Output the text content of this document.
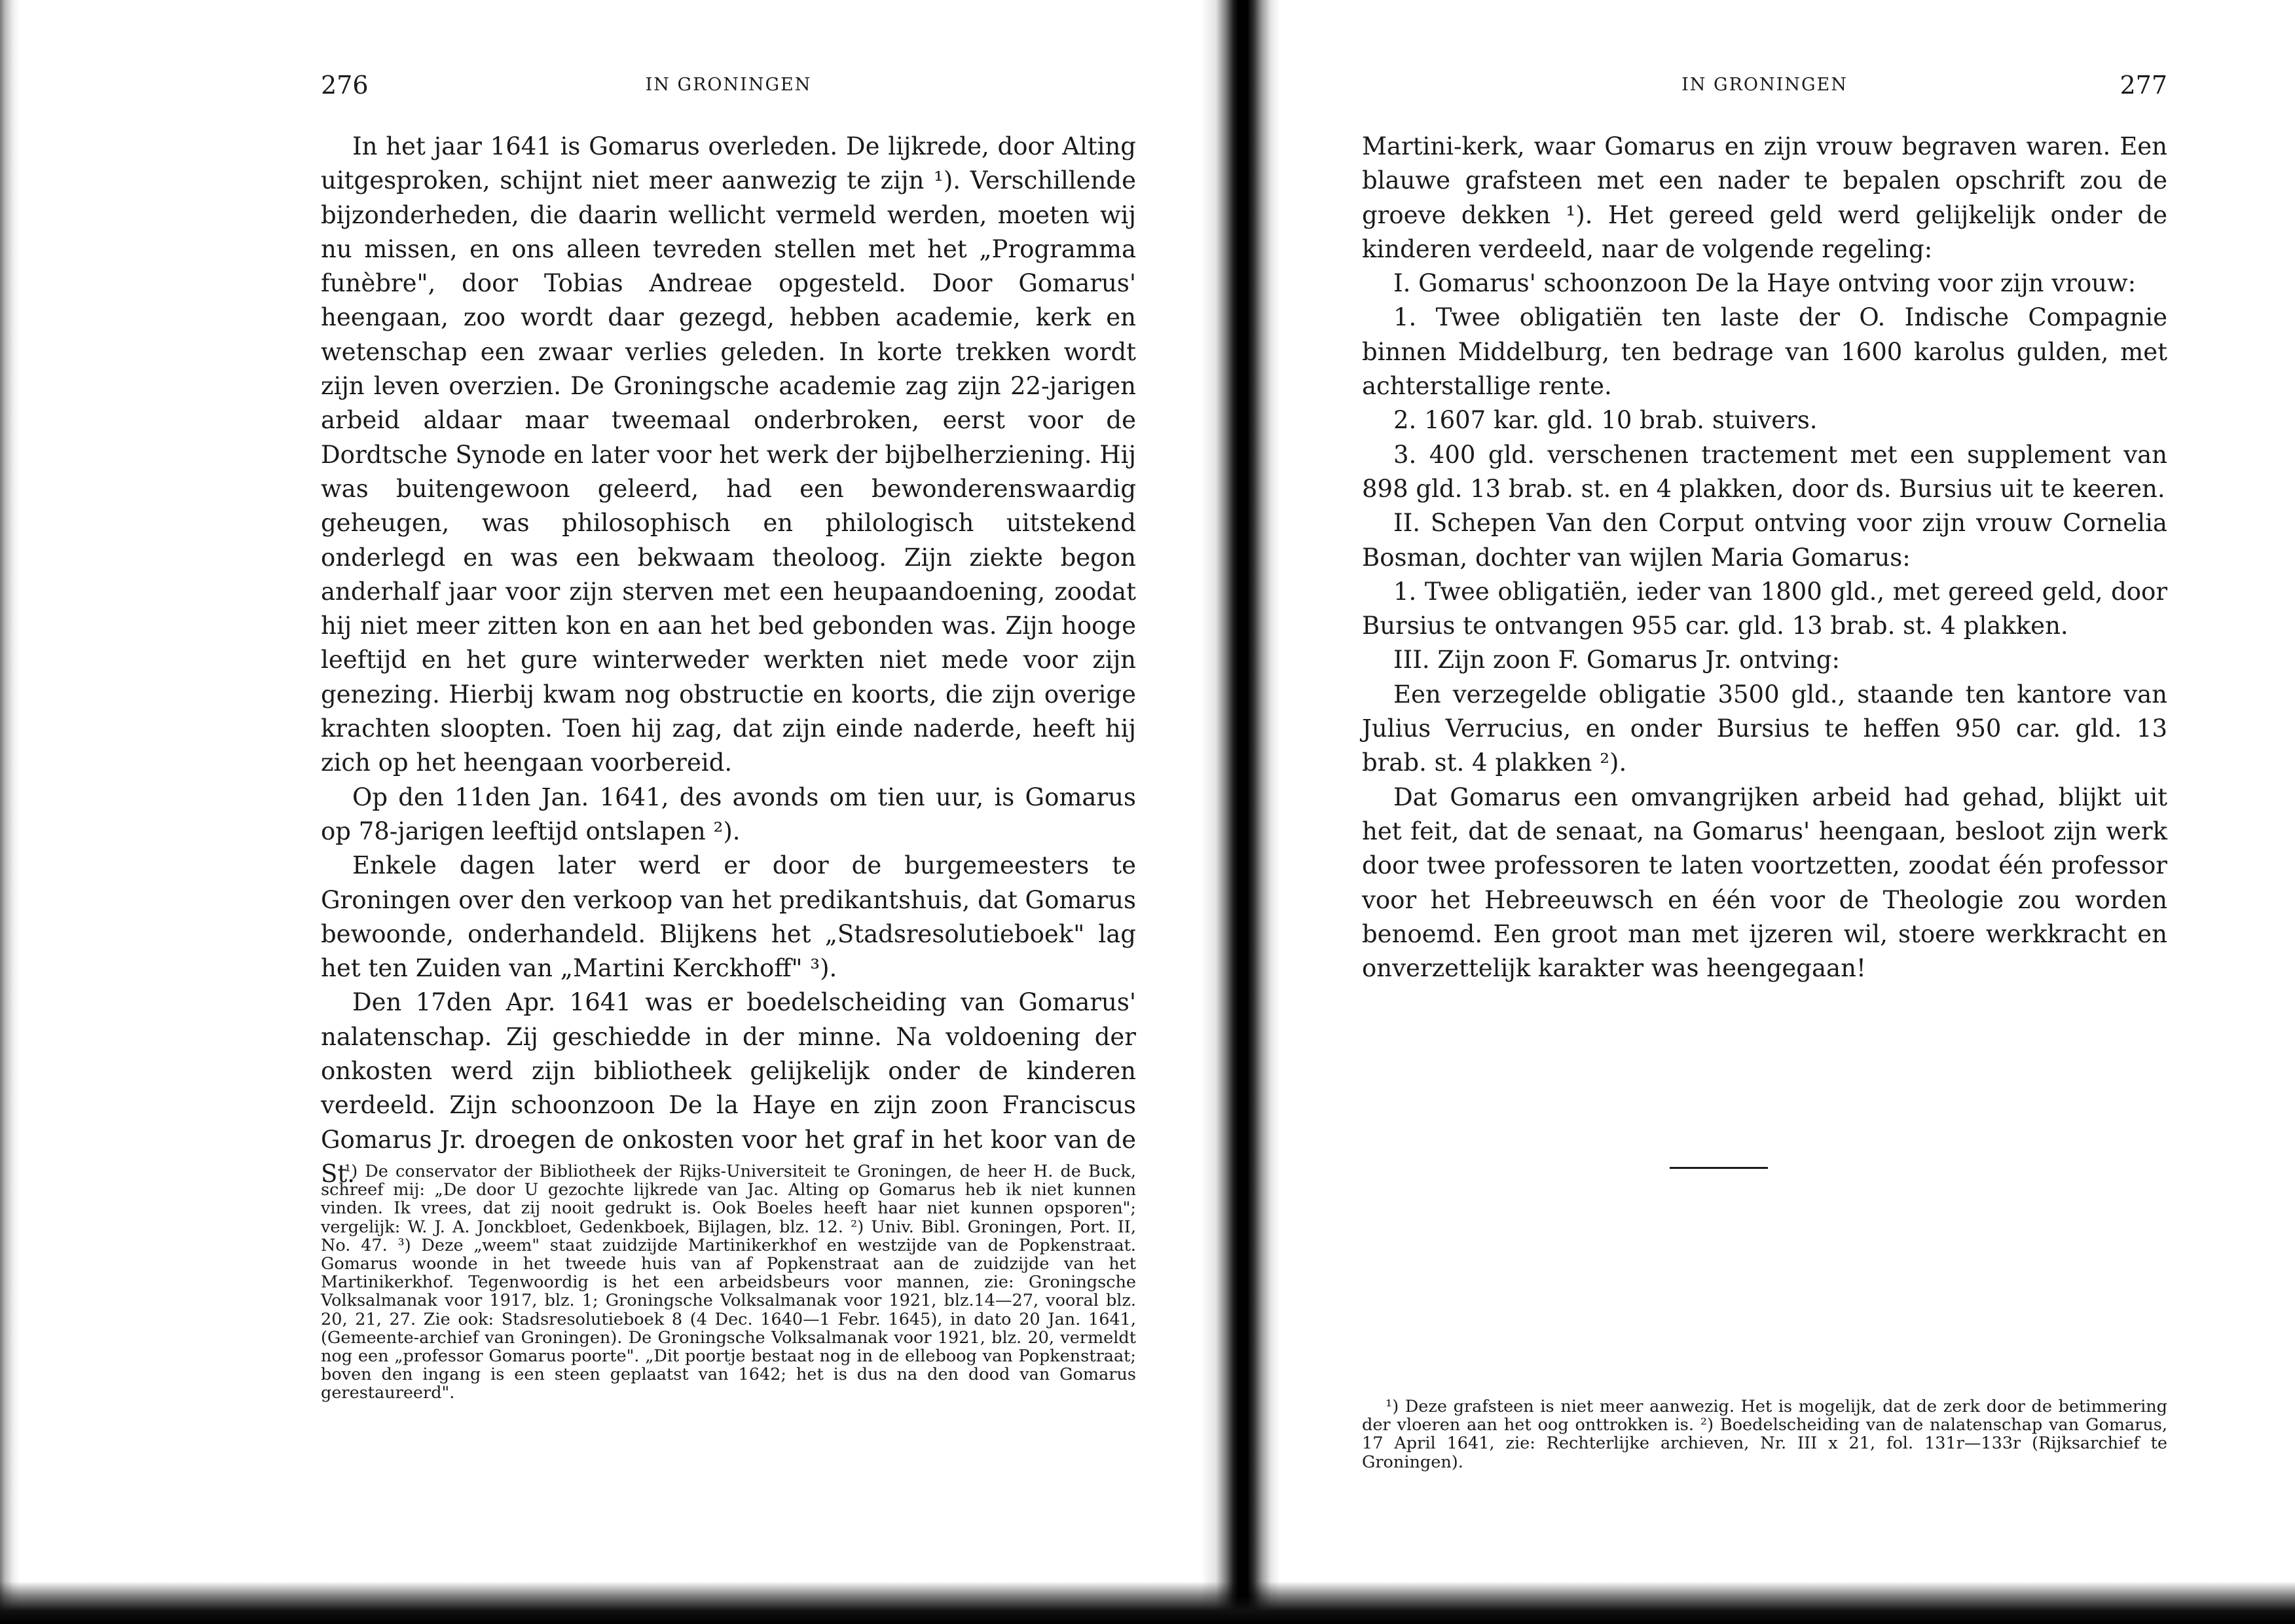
276	IN GRONINGEN

In het jaar 1641 is Gomarus overleden. De lijkrede, door Alting uitgesproken, schijnt niet meer aanwezig te zijn ¹). Verschillende bijzonderheden, die daarin wellicht vermeld werden, moeten wij nu missen, en ons alleen tevreden stellen met het „Programma funèbre", door Tobias Andreae opgesteld. Door Gomarus' heengaan, zoo wordt daar gezegd, hebben academie, kerk en wetenschap een zwaar verlies geleden. In korte trekken wordt zijn leven overzien. De Groningsche academie zag zijn 22-jarigen arbeid aldaar maar tweemaal onderbroken, eerst voor de Dordtsche Synode en later voor het werk der bijbelherziening. Hij was buitengewoon geleerd, had een bewonderenswaardig geheugen, was philosophisch en philologisch uitstekend onderlegd en was een bekwaam theoloog. Zijn ziekte begon anderhalf jaar voor zijn sterven met een heupaandoening, zoodat hij niet meer zitten kon en aan het bed gebonden was. Zijn hooge leeftijd en het gure winterweder werkten niet mede voor zijn genezing. Hierbij kwam nog obstructie en koorts, die zijn overige krachten sloopten. Toen hij zag, dat zijn einde naderde, heeft hij zich op het heengaan voorbereid.

Op den 11den Jan. 1641, des avonds om tien uur, is Gomarus op 78-jarigen leeftijd ontslapen ²).

Enkele dagen later werd er door de burgemeesters te Groningen over den verkoop van het predikantshuis, dat Gomarus bewoonde, onderhandeld. Blijkens het „Stadsresolutieboek" lag het ten Zuiden van „Martini Kerckhoff" ³).

Den 17den Apr. 1641 was er boedelscheiding van Gomarus' nalatenschap. Zij geschiedde in der minne. Na voldoening der onkosten werd zijn bibliotheek gelijkelijk onder de kinderen verdeeld. Zijn schoonzoon De la Haye en zijn zoon Franciscus Gomarus Jr. droegen de onkosten voor het graf in het koor van de St.

¹) De conservator der Bibliotheek der Rijks-Universiteit te Groningen, de heer H. de Buck, schreef mij: „De door U gezochte lijkrede van Jac. Alting op Gomarus heb ik niet kunnen vinden. Ik vrees, dat zij nooit gedrukt is. Ook Boeles heeft haar niet kunnen opsporen"; vergelijk: W. J. A. Jonckbloet, Gedenkboek, Bijlagen, blz. 12. ²) Univ. Bibl. Groningen, Port. II, No. 47. ³) Deze „weem" staat zuidzijde Martinikerkhof en westzijde van de Popkenstraat. Gomarus woonde in het tweede huis van af Popkenstraat aan de zuidzijde van het Martinikerkhof. Tegenwoordig is het een arbeidsbeurs voor mannen, zie: Groningsche Volksalmanak voor 1917, blz. 1; Groningsche Volksalmanak voor 1921, blz.14—27, vooral blz. 20, 21, 27. Zie ook: Stadsresolutieboek 8 (4 Dec. 1640—1 Febr. 1645), in dato 20 Jan. 1641, (Gemeente-archief van Groningen). De Groningsche Volksalmanak voor 1921, blz. 20, vermeldt nog een „professor Gomarus poorte". „Dit poortje bestaat nog in de elleboog van Popkenstraat; boven den ingang is een steen geplaatst van 1642; het is dus na den dood van Gomarus gerestaureerd".

IN GRONINGEN	277

Martini-kerk, waar Gomarus en zijn vrouw begraven waren. Een blauwe grafsteen met een nader te bepalen opschrift zou de groeve dekken ¹). Het gereed geld werd gelijkelijk onder de kinderen verdeeld, naar de volgende regeling:

I. Gomarus' schoonzoon De la Haye ontving voor zijn vrouw:

1. Twee obligatiën ten laste der O. Indische Compagnie binnen Middelburg, ten bedrage van 1600 karolus gulden, met achterstallige rente.

2. 1607 kar. gld. 10 brab. stuivers.

3. 400 gld. verschenen tractement met een supplement van 898 gld. 13 brab. st. en 4 plakken, door ds. Bursius uit te keeren.

II. Schepen Van den Corput ontving voor zijn vrouw Cornelia Bosman, dochter van wijlen Maria Gomarus:

1. Twee obligatiën, ieder van 1800 gld., met gereed geld, door Bursius te ontvangen 955 car. gld. 13 brab. st. 4 plakken.

III. Zijn zoon F. Gomarus Jr. ontving:

Een verzegelde obligatie 3500 gld., staande ten kantore van Julius Verrucius, en onder Bursius te heffen 950 car. gld. 13 brab. st. 4 plakken ²).

Dat Gomarus een omvangrijken arbeid had gehad, blijkt uit het feit, dat de senaat, na Gomarus' heengaan, besloot zijn werk door twee professoren te laten voortzetten, zoodat één professor voor het Hebreeuwsch en één voor de Theologie zou worden benoemd. Een groot man met ijzeren wil, stoere werkkracht en onverzettelijk karakter was heengegaan!

¹) Deze grafsteen is niet meer aanwezig. Het is mogelijk, dat de zerk door de betimmering der vloeren aan het oog onttrokken is. ²) Boedelscheiding van de nalatenschap van Gomarus, 17 April 1641, zie: Rechterlijke archieven, Nr. III x 21, fol. 131r—133r (Rijksarchief te Groningen).
